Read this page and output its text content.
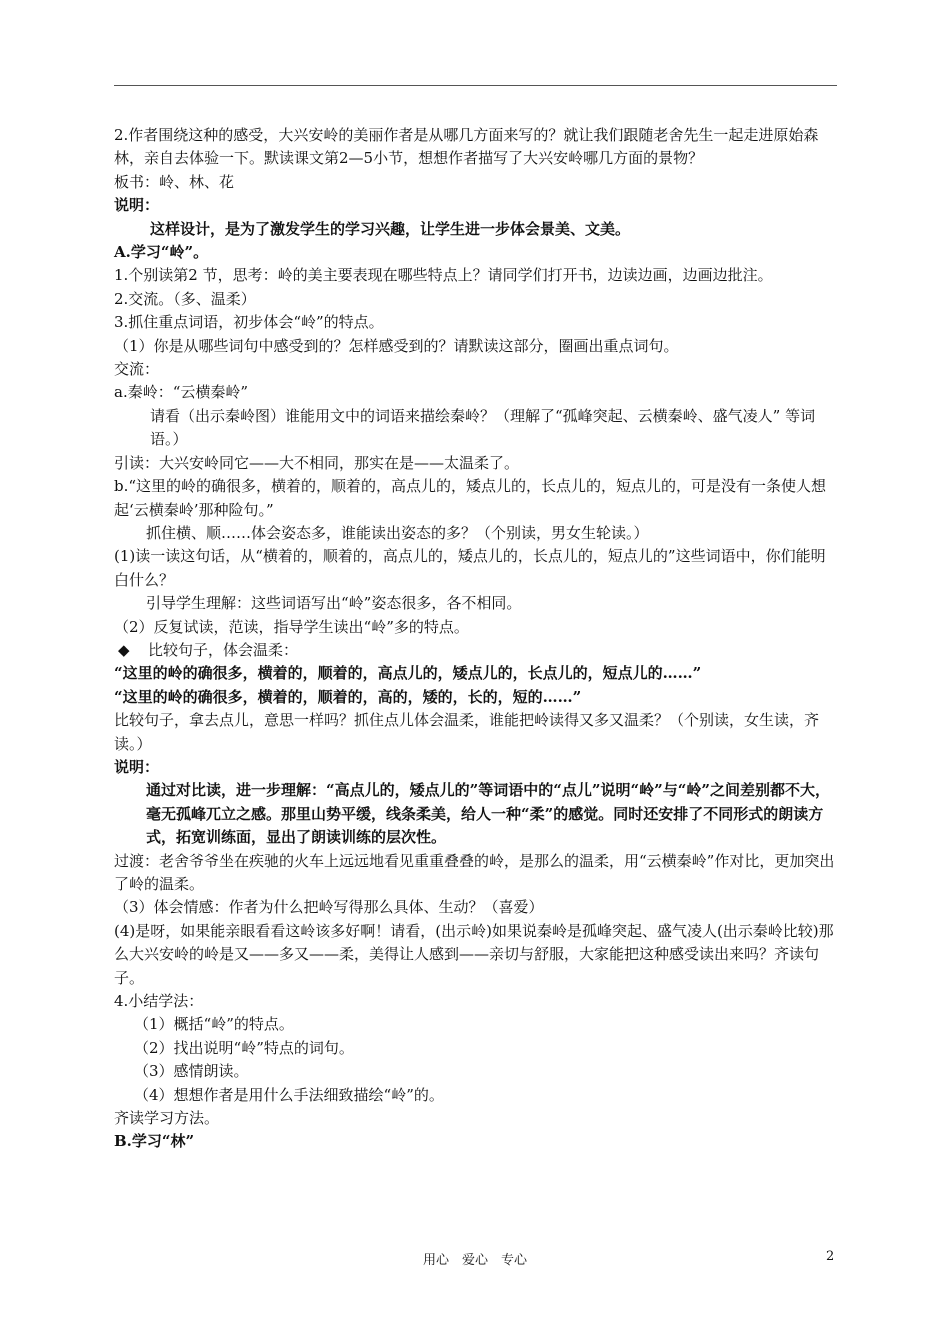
2.作者围绕这种的感受，大兴安岭的美丽作者是从哪几方面来写的？就让我们跟随老舍先生一起走进原始森林，亲自去体验一下。默读课文第2—5小节，想想作者描写了大兴安岭哪几方面的景物？

板书：岭、林、花

说明：

这样设计，是为了激发学生的学习兴趣，让学生进一步体会景美、文美。

A.学习“岭”。

1.个别读第2 节，思考：岭的美主要表现在哪些特点上？请同学们打开书，边读边画，边画边批注。

2.交流。（多、温柔）

3.抓住重点词语，初步体会“岭”的特点。

（1）你是从哪些词句中感受到的？怎样感受到的？请默读这部分，圈画出重点词句。

交流：

a.秦岭：“云横秦岭”

请看（出示秦岭图）谁能用文中的词语来描绘秦岭？（理解了“孤峰突起、云横秦岭、盛气凌人” 等词语。）

引读：大兴安岭同它——大不相同，那实在是——太温柔了。

b.“这里的岭的确很多，横着的，顺着的，高点儿的，矮点儿的，长点儿的，短点儿的，可是没有一条使人想起‘云横秦岭’那种险句。”

抓住横、顺……体会姿态多，谁能读出姿态的多？（个别读，男女生轮读。）

(1)读一读这句话，从“横着的，顺着的，高点儿的，矮点儿的，长点儿的，短点儿的”这些词语中，你们能明白什么？

引导学生理解：这些词语写出“岭”姿态很多，各不相同。

（2）反复试读，范读，指导学生读出“岭”多的特点。

◆ 比较句子，体会温柔：

“这里的岭的确很多，横着的，顺着的，高点儿的，矮点儿的，长点儿的，短点儿的……”

“这里的岭的确很多，横着的，顺着的，高的，矮的，长的，短的……”

比较句子，拿去点儿，意思一样吗？抓住点儿体会温柔，谁能把岭读得又多又温柔？（个别读，女生读，齐读。）

说明：

通过对比读，进一步理解：“高点儿的，矮点儿的”等词语中的“点儿”说明“岭”与“岭”之间差别都不大，毫无孤峰兀立之感。那里山势平缓，线条柔美，给人一种“柔”的感觉。同时还安排了不同形式的朗读方式，拓宽训练面，显出了朗读训练的层次性。

过渡：老舍爷爷坐在疾驰的火车上远远地看见重重叠叠的岭，是那么的温柔，用“云横秦岭”作对比，更加突出了岭的温柔。

（3）体会情感：作者为什么把岭写得那么具体、生动？（喜爱）

(4)是呀，如果能亲眼看看这岭该多好啊！请看，(出示岭)如果说秦岭是孤峰突起、盛气凌人(出示秦岭比较)那么大兴安岭的岭是又——多又——柔，美得让人感到——亲切与舒服，大家能把这种感受读出来吗？齐读句子。

4.小结学法：

（1）概括“岭”的特点。

（2）找出说明“岭”特点的词句。

（3）感情朗读。

（4）想想作者是用什么手法细致描绘“岭”的。

齐读学习方法。

B.学习“林”

用心　爱心　专心	2
